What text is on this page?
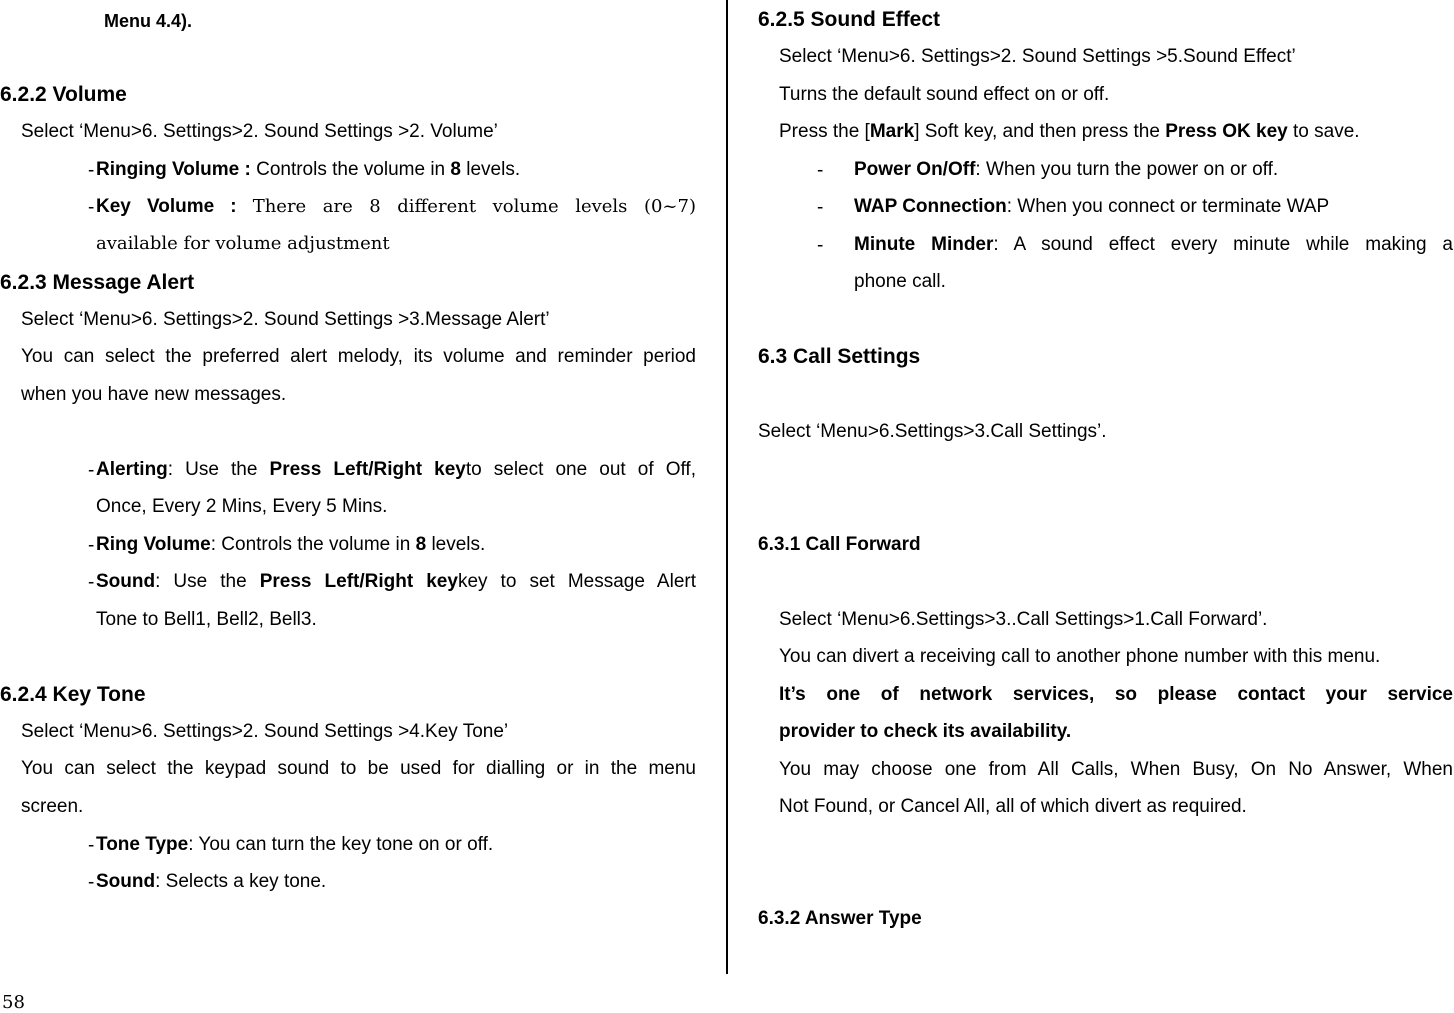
Menu 4.4).
6.2.2 Volume
Select ‘Menu>6. Settings>2. Sound Settings >2. Volume’
- Ringing Volume : Controls the volume in 8 levels.
- Key Volume : There are 8 different volume levels (0~7)
available for volume adjustment
6.2.3 Message Alert
Select ‘Menu>6. Settings>2. Sound Settings >3.Message Alert’
You can select the preferred alert melody, its volume and reminder period
when you have new messages.
- Alerting: Use the Press Left/Right keyto select one out of Off,
Once, Every 2 Mins, Every 5 Mins.
- Ring Volume: Controls the volume in 8 levels.
- Sound: Use the Press Left/Right keykey to set Message Alert
Tone to Bell1, Bell2, Bell3.
6.2.4 Key Tone
Select ‘Menu>6. Settings>2. Sound Settings >4.Key Tone’
You can select the keypad sound to be used for dialling or in the menu
screen.
- Tone Type: You can turn the key tone on or off.
- Sound: Selects a key tone.
6.2.5 Sound Effect
Select ‘Menu>6. Settings>2. Sound Settings >5.Sound Effect’
Turns the default sound effect on or off.
Press the [Mark] Soft key, and then press the Press OK key to save.
- Power On/Off: When you turn the power on or off.
- WAP Connection: When you connect or terminate WAP
- Minute Minder: A sound effect every minute while making a
phone call.
6.3 Call Settings
Select ‘Menu>6.Settings>3.Call Settings’.
6.3.1 Call Forward
Select ‘Menu>6.Settings>3..Call Settings>1.Call Forward’.
You can divert a receiving call to another phone number with this menu.
It’s one of network services, so please contact your service
provider to check its availability.
You may choose one from All Calls, When Busy, On No Answer, When
Not Found, or Cancel All, all of which divert as required.
6.3.2 Answer Type
58
